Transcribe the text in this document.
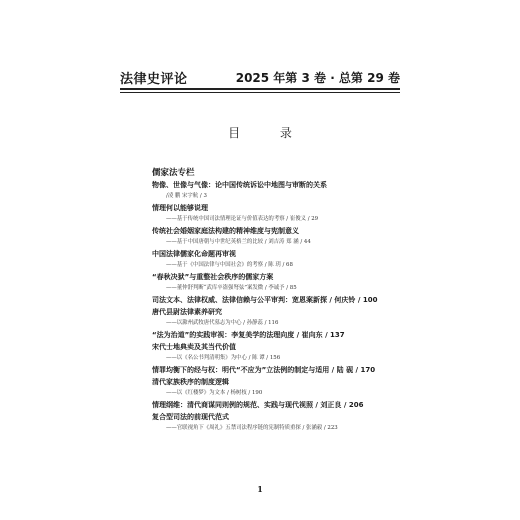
法律史评论	2025 年第 3 卷 · 总第 29 卷
目 录
儒家法专栏
物像、世像与气像：论中国传统诉讼中地图与审断的关系
/凌 鹏 宋宇航 / 3
情理何以能够说理
——基于传统中国司法情理论证与价值表达的考察 / 崔俊义 / 29
传统社会婚姻家庭法构建的精神维度与宪制意义
——基于中国唐朝与中世纪英格兰的比较 / 刘吉涛 郑 涵 / 44
中国法律儒家化命题再审视
——基于《中国法律与中国社会》的考察 / 陈 玥 / 68
“春秋决狱”与重整社会秩序的儒家方案
——董仲舒判断“武库卒盗强弩弦”案发微 / 李诚予 / 85
司法文本、法律权威、法律信赖与公平审判：宽恩案新探 / 何庆铃 / 100
唐代县尉法律素养研究
——以滁州武牧唐代墓志为中心 / 孙静蕊 / 116
“法为治道”的实践审视：李复美学的法理向度 / 崔向东 / 137
宋代士地典卖及其当代价值
——以《名公书判清明集》为中心 / 陈 谭 / 156
情罪均衡下的经与权：明代“不应为”立法例的制定与适用 / 陆 砚 / 170
清代家族秩序的制度逻辑
——以《红楼梦》为文本 / 杨树枝 / 190
情理纲维：清代商谋同则例的规范、实践与现代视照 / 刘正良 / 206
复合型司法的前现代范式
——官联视角下《周礼》五禁司法程序链的宪制特质重探 / 张涵毅 / 223
1
